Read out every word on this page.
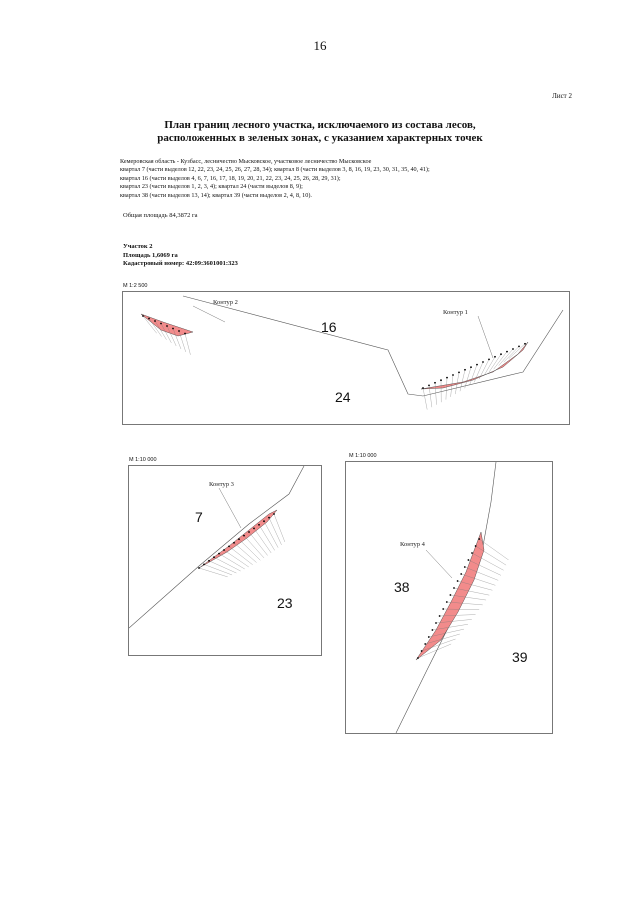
16
Лист 2
План границ лесного участка, исключаемого из состава лесов,
расположенных в зеленых зонах, с указанием характерных точек
Кемеровская область - Кузбасс, лесничество Мысковское, участковое лесничество Мысковское
квартал 7 (части выделов 12, 22, 23, 24, 25, 26, 27, 28, 34); квартал 8 (части выделов 3, 8, 16, 19, 23, 30, 31, 35, 40, 41);
квартал 16 (части выделов 4, 6, 7, 16, 17, 18, 19, 20, 21, 22, 23, 24, 25, 26, 28, 29, 31);
квартал 23 (части выделов 1, 2, 3, 4); квартал 24 (части выделов 8, 9);
квартал 38 (части выделов 13, 14); квартал 39 (части выделов 2, 4, 8, 10).
Общая площадь 84,3872 га
Участок 2
Площадь 1,6069 га
Кадастровый номер: 42:09:3601001:323
М 1:2 500
Контур 2
Контур 1
16
24
М 1:10 000
Контур 3
7
23
М 1:10 000
Контур 4
38
39
